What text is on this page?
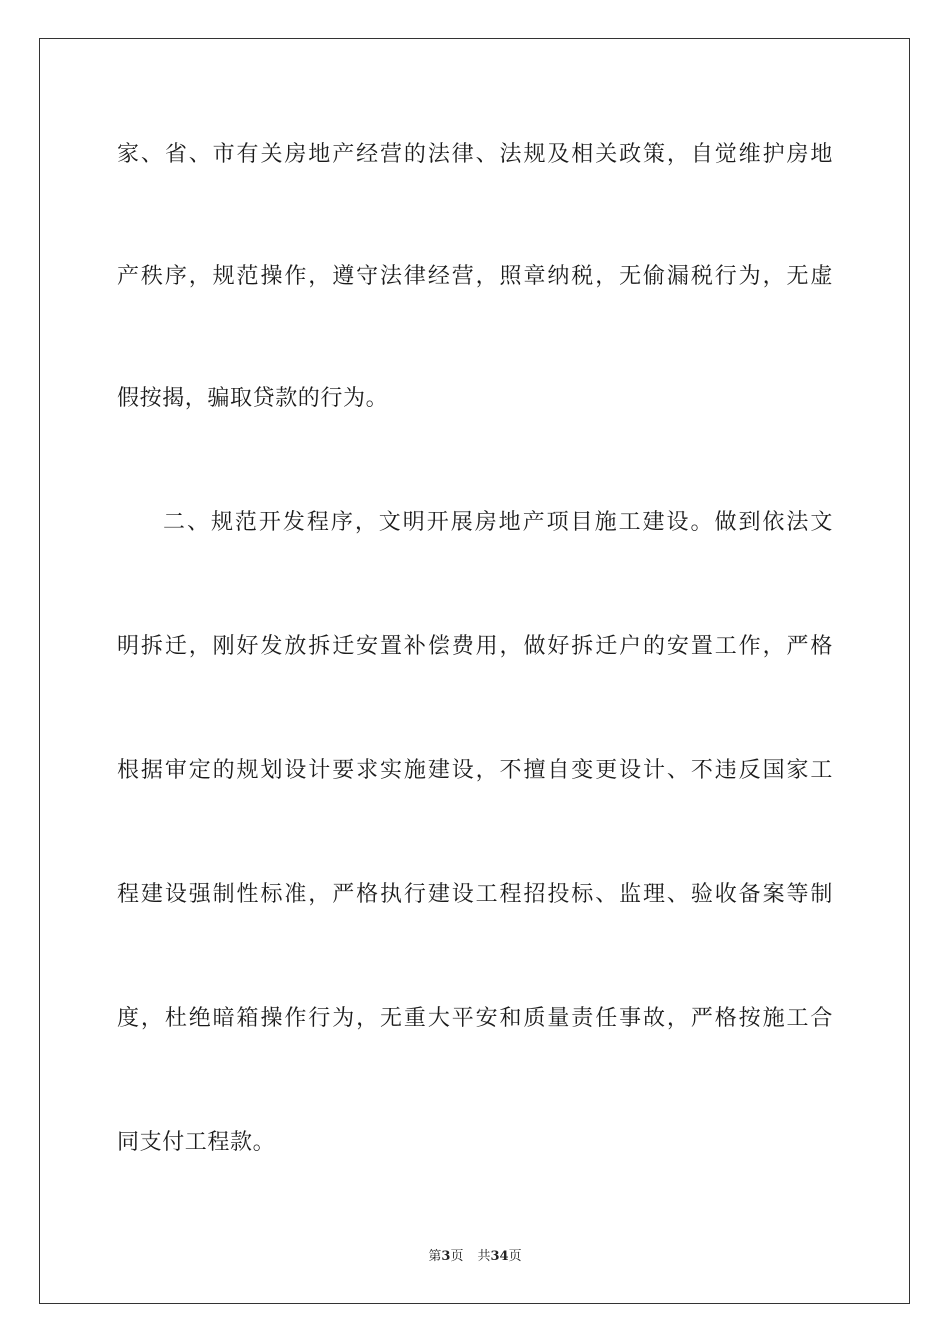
家、省、市有关房地产经营的法律、法规及相关政策，自觉维护房地
产秩序，规范操作，遵守法律经营，照章纳税，无偷漏税行为，无虚
假按揭，骗取贷款的行为。
二、规范开发程序，文明开展房地产项目施工建设。做到依法文
明拆迁，刚好发放拆迁安置补偿费用，做好拆迁户的安置工作，严格
根据审定的规划设计要求实施建设，不擅自变更设计、不违反国家工
程建设强制性标准，严格执行建设工程招投标、监理、验收备案等制
度，杜绝暗箱操作行为，无重大平安和质量责任事故，严格按施工合
同支付工程款。
第3页 共34页
